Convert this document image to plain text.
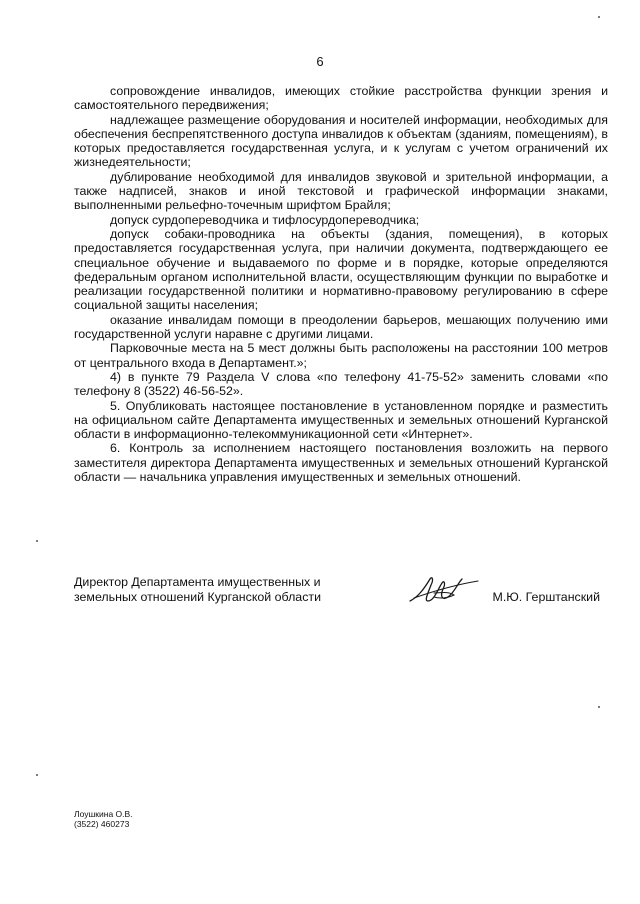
6

сопровождение инвалидов, имеющих стойкие расстройства функции зрения и самостоятельного передвижения;

надлежащее размещение оборудования и носителей информации, необходимых для обеспечения беспрепятственного доступа инвалидов к объектам (зданиям, помещениям), в которых предоставляется государственная услуга, и к услугам с учетом ограничений их жизнедеятельности;

дублирование необходимой для инвалидов звуковой и зрительной информации, а также надписей, знаков и иной текстовой и графической информации знаками, выполненными рельефно-точечным шрифтом Брайля;

допуск сурдопереводчика и тифлосурдопереводчика;

допуск собаки-проводника на объекты (здания, помещения), в которых предоставляется государственная услуга, при наличии документа, подтверждающего ее специальное обучение и выдаваемого по форме и в порядке, которые определяются федеральным органом исполнительной власти, осуществляющим функции по выработке и реализации государственной политики и нормативно-правовому регулированию в сфере социальной защиты населения;

оказание инвалидам помощи в преодолении барьеров, мешающих получению ими государственной услуги наравне с другими лицами.

Парковочные места на 5 мест должны быть расположены на расстоянии 100 метров от центрального входа в Департамент.»;

4) в пункте 79 Раздела V слова «по телефону 41-75-52» заменить словами «по телефону 8 (3522) 46-56-52».

5. Опубликовать настоящее постановление в установленном порядке и разместить на официальном сайте Департамента имущественных и земельных отношений Курганской области в информационно-телекоммуникационной сети «Интернет».

6. Контроль за исполнением настоящего постановления возложить на первого заместителя директора Департамента имущественных и земельных отношений Курганской области — начальника управления имущественных и земельных отношений.

Директор Департамента имущественных и
земельных отношений Курганской области	М.Ю. Герштанский
Лоушкина О.В.
(3522) 460273
